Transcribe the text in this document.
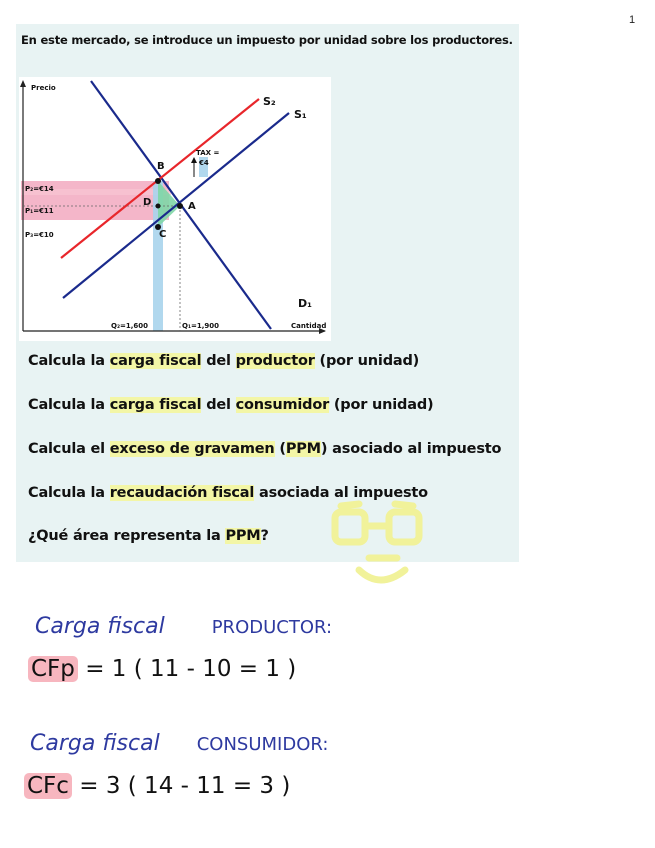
1
En este mercado, se introduce un impuesto por unidad sobre los productores.
Precio
Cantidad
S₂
S₁
D₁
TAX =
€4
B
D	A
C
P₂=€14
P₁=€11
P₃=€10
Q₂=1,600	Q₁=1,900
Calcula la carga fiscal del productor (por unidad)
Calcula la carga fiscal del consumidor (por unidad)
Calcula el exceso de gravamen (PPM) asociado al impuesto
Calcula la recaudación fiscal asociada al impuesto
¿Qué área representa la PPM?
Carga fiscal	PRODUCTOR:
CFp = 1 ( 11 - 10 = 1 )
Carga fiscal CONSUMIDOR:
CFc = 3 ( 14 - 11 = 3 )
